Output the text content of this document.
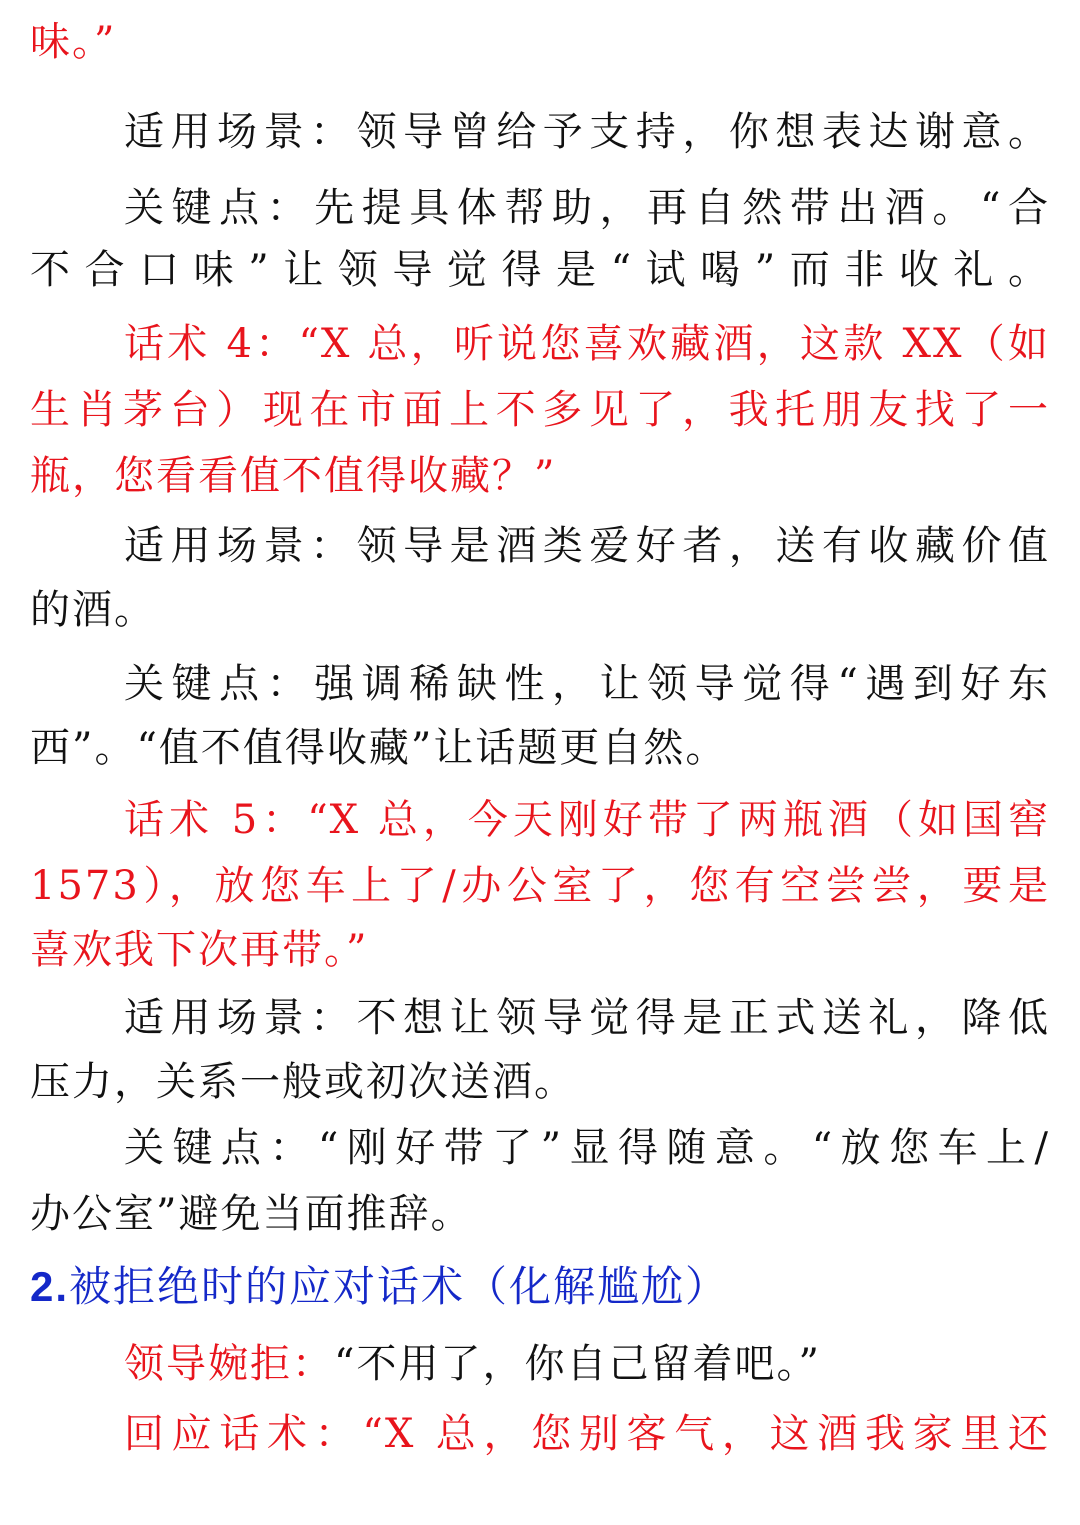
味。”
适用场景：领导曾给予支持，你想表达谢意。
关键点：先提具体帮助，再自然带出酒。“合
不合口味”让领导觉得是“试喝”而非收礼。
话术 4：“X 总，听说您喜欢藏酒，这款 XX（如
生肖茅台）现在市面上不多见了，我托朋友找了一
瓶，您看看值不值得收藏？”
适用场景：领导是酒类爱好者，送有收藏价值
的酒。
关键点：强调稀缺性，让领导觉得“遇到好东
西”。“值不值得收藏”让话题更自然。
话术 5：“X 总，今天刚好带了两瓶酒（如国窖
1573），放您车上了/办公室了，您有空尝尝，要是
喜欢我下次再带。”
适用场景：不想让领导觉得是正式送礼，降低
压力，关系一般或初次送酒。
关键点：“刚好带了”显得随意。“放您车上/
办公室”避免当面推辞。
2.被拒绝时的应对话术（化解尴尬）
领导婉拒：“不用了，你自己留着吧。”
回应话术：“X 总，您别客气，这酒我家里还
